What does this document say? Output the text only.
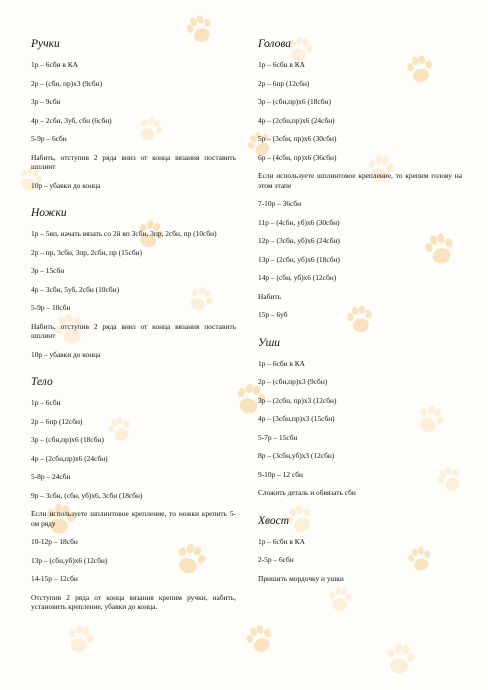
Ручки

1р – 6сбн в КА

2р – (сбн, пр)х3 (9сбн)

3р – 9сбн

4р – 2сбн, 3уб, сбн (6сбн)

5-9р – 6сбн

Набить, отступив 2 ряда вниз от конца вязания поставить шплинт

10р – убавки до конца

Ножки

1р – 5вп, начать вязать со 2й вп 3сбн, 3пр, 2сбн, пр (10сбн)

2р – пр, 3сбн, 3пр, 2сбн, пр (15сбн)

3р – 15сбн

4р – 3сбн, 5уб, 2сбн (10сбн)

5-9р – 10сбн

Набить, отступив 2 ряда вниз от конца вязания поставить шплинт

10р – убавки до конца

Тело

1р – 6сбн

2р – 6пр (12сбн)

3р – (сбн,пр)х6 (18сбн)

4р – (2сбн,пр)х6 (24сбн)

5-8р – 24сбн

9р – 3сбн, (сбн, уб)х6, 3сбн (18сбн)

Если используете шплинтовое крепление, то ножки крепить 5-ом ряду

10-12р – 18сбн

13р – (сбн,уб)х6 (12сбн)

14-15р – 12сбн

Отступив 2 ряда от конца вязания крепим ручки, набить, установить крепление, убавки до конца.

Голова

1р – 6сбн в КА

2р – 6пр (12сбн)

3р – (сбн,пр)х6 (18сбн)

4р – (2сбн,пр)х6 (24сбн)

5р – (3сбн, пр)х6 (30сбн)

6р – (4сбн, пр)х6 (36сбн)

Если используете шплинтовое крепление, то крепим голову на этом этапе

7-10р – 36сбн

11р – (4сбн, уб)х6 (30сбн)

12р – (3сбн, уб)х6 (24сбн)

13р – (2сбн, уб)х6 (18сбн)

14р – (сбн, уб)х6 (12сбн)

Набить

15р – 6уб

Уши

1р – 6сбн в КА

2р – (сбн,пр)х3 (9сбн)

3р – (2сбн, пр)х3 (12сбн)

4р – (3сбн,пр)х3 (15сбн)

5-7р – 15сбн

8р – (3сбн,уб)х3 (12сбн)

9-10р – 12 сбн

Сложить деталь и обвязать сбн

Хвост

1р – 6сбн в КА

2-5р – 6сбн

Пришить мордочку и ушки
